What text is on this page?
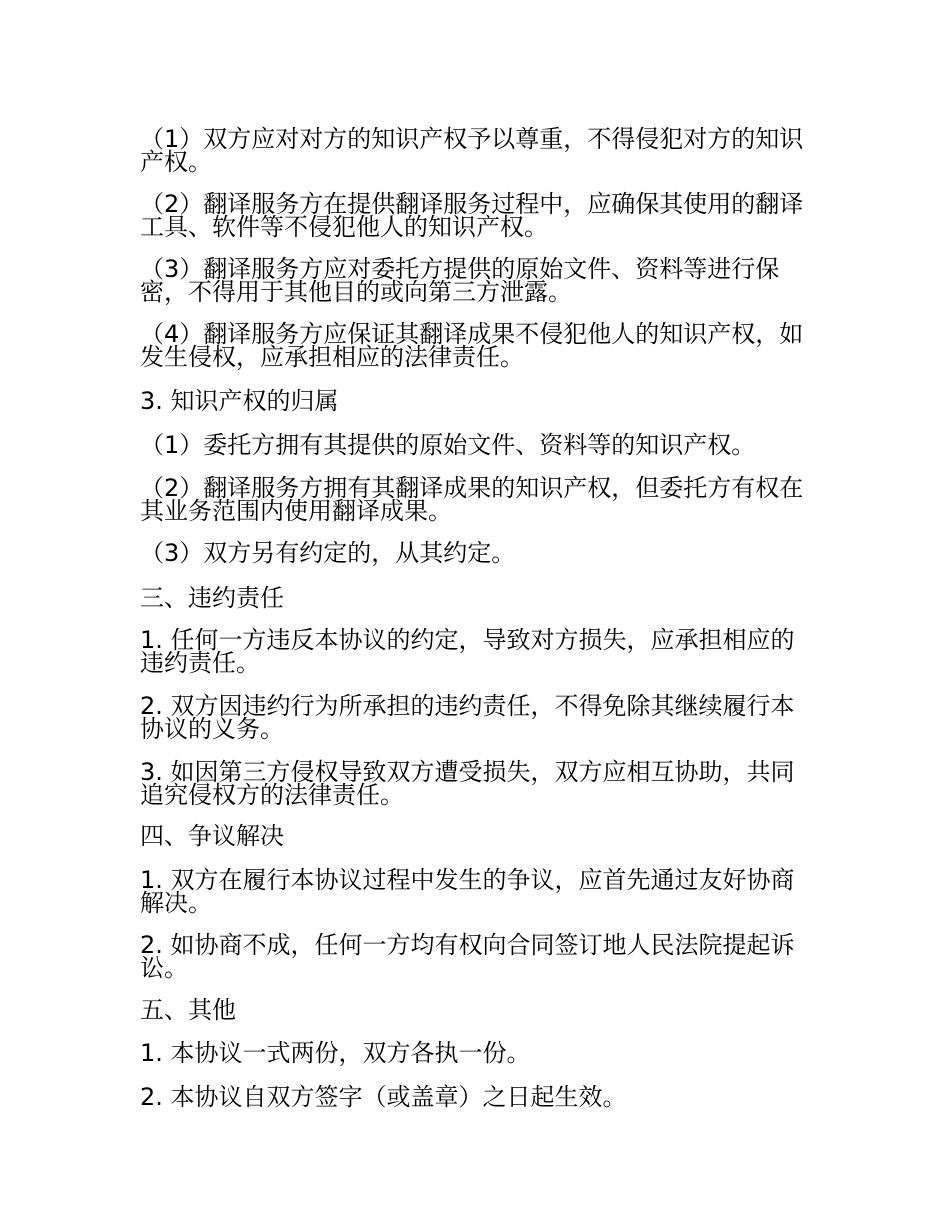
（1）双方应对对方的知识产权予以尊重，不得侵犯对方的知识产权。

（2）翻译服务方在提供翻译服务过程中，应确保其使用的翻译工具、软件等不侵犯他人的知识产权。

（3）翻译服务方应对委托方提供的原始文件、资料等进行保密，不得用于其他目的或向第三方泄露。

（4）翻译服务方应保证其翻译成果不侵犯他人的知识产权，如发生侵权，应承担相应的法律责任。

3. 知识产权的归属

（1）委托方拥有其提供的原始文件、资料等的知识产权。

（2）翻译服务方拥有其翻译成果的知识产权，但委托方有权在其业务范围内使用翻译成果。

（3）双方另有约定的，从其约定。

三、违约责任

1. 任何一方违反本协议的约定，导致对方损失，应承担相应的违约责任。

2. 双方因违约行为所承担的违约责任，不得免除其继续履行本协议的义务。

3. 如因第三方侵权导致双方遭受损失，双方应相互协助，共同追究侵权方的法律责任。

四、争议解决

1. 双方在履行本协议过程中发生的争议，应首先通过友好协商解决。

2. 如协商不成，任何一方均有权向合同签订地人民法院提起诉讼。

五、其他

1. 本协议一式两份，双方各执一份。

2. 本协议自双方签字（或盖章）之日起生效。
